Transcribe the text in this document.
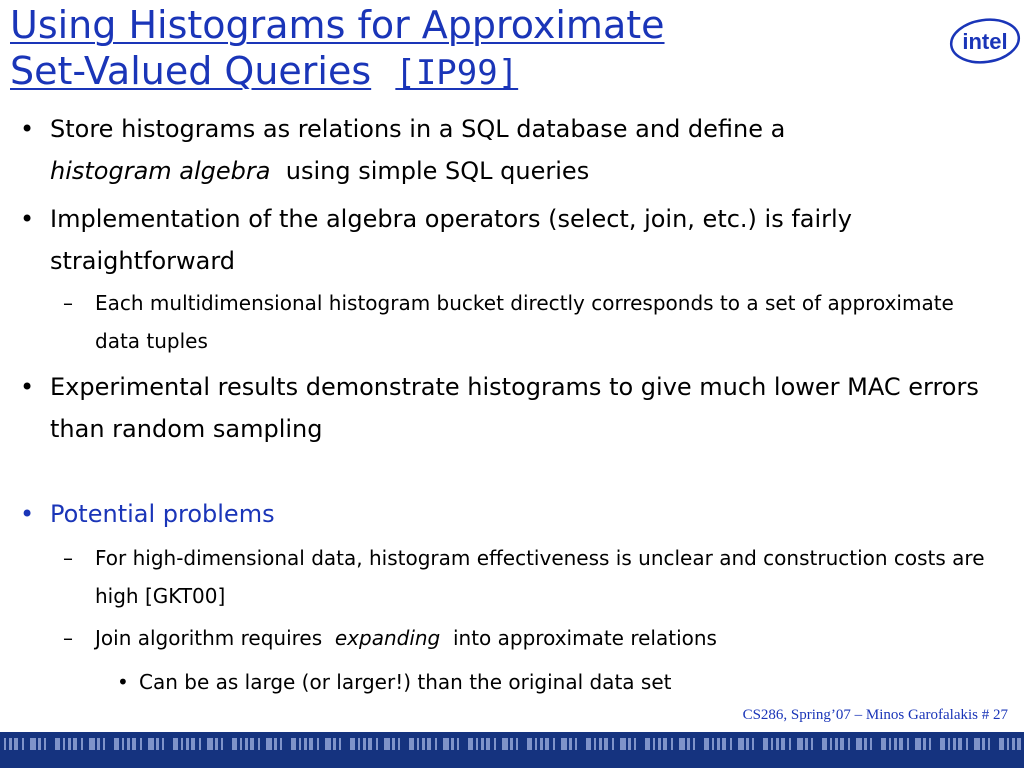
Using Histograms for Approximate
Set-Valued Queries [IP99]
intel

• Store histograms as relations in a SQL database and define a
histogram algebra using simple SQL queries

• Implementation of the algebra operators (select, join, etc.) is fairly straightforward

– Each multidimensional histogram bucket directly corresponds to a set of approximate data tuples

• Experimental results demonstrate histograms to give much lower MAC errors than random sampling

• Potential problems

– For high-dimensional data, histogram effectiveness is unclear and construction costs are high [GKT00]

– Join algorithm requires expanding into approximate relations

• Can be as large (or larger!) than the original data set

CS286, Spring’07 – Minos Garofalakis # 27
